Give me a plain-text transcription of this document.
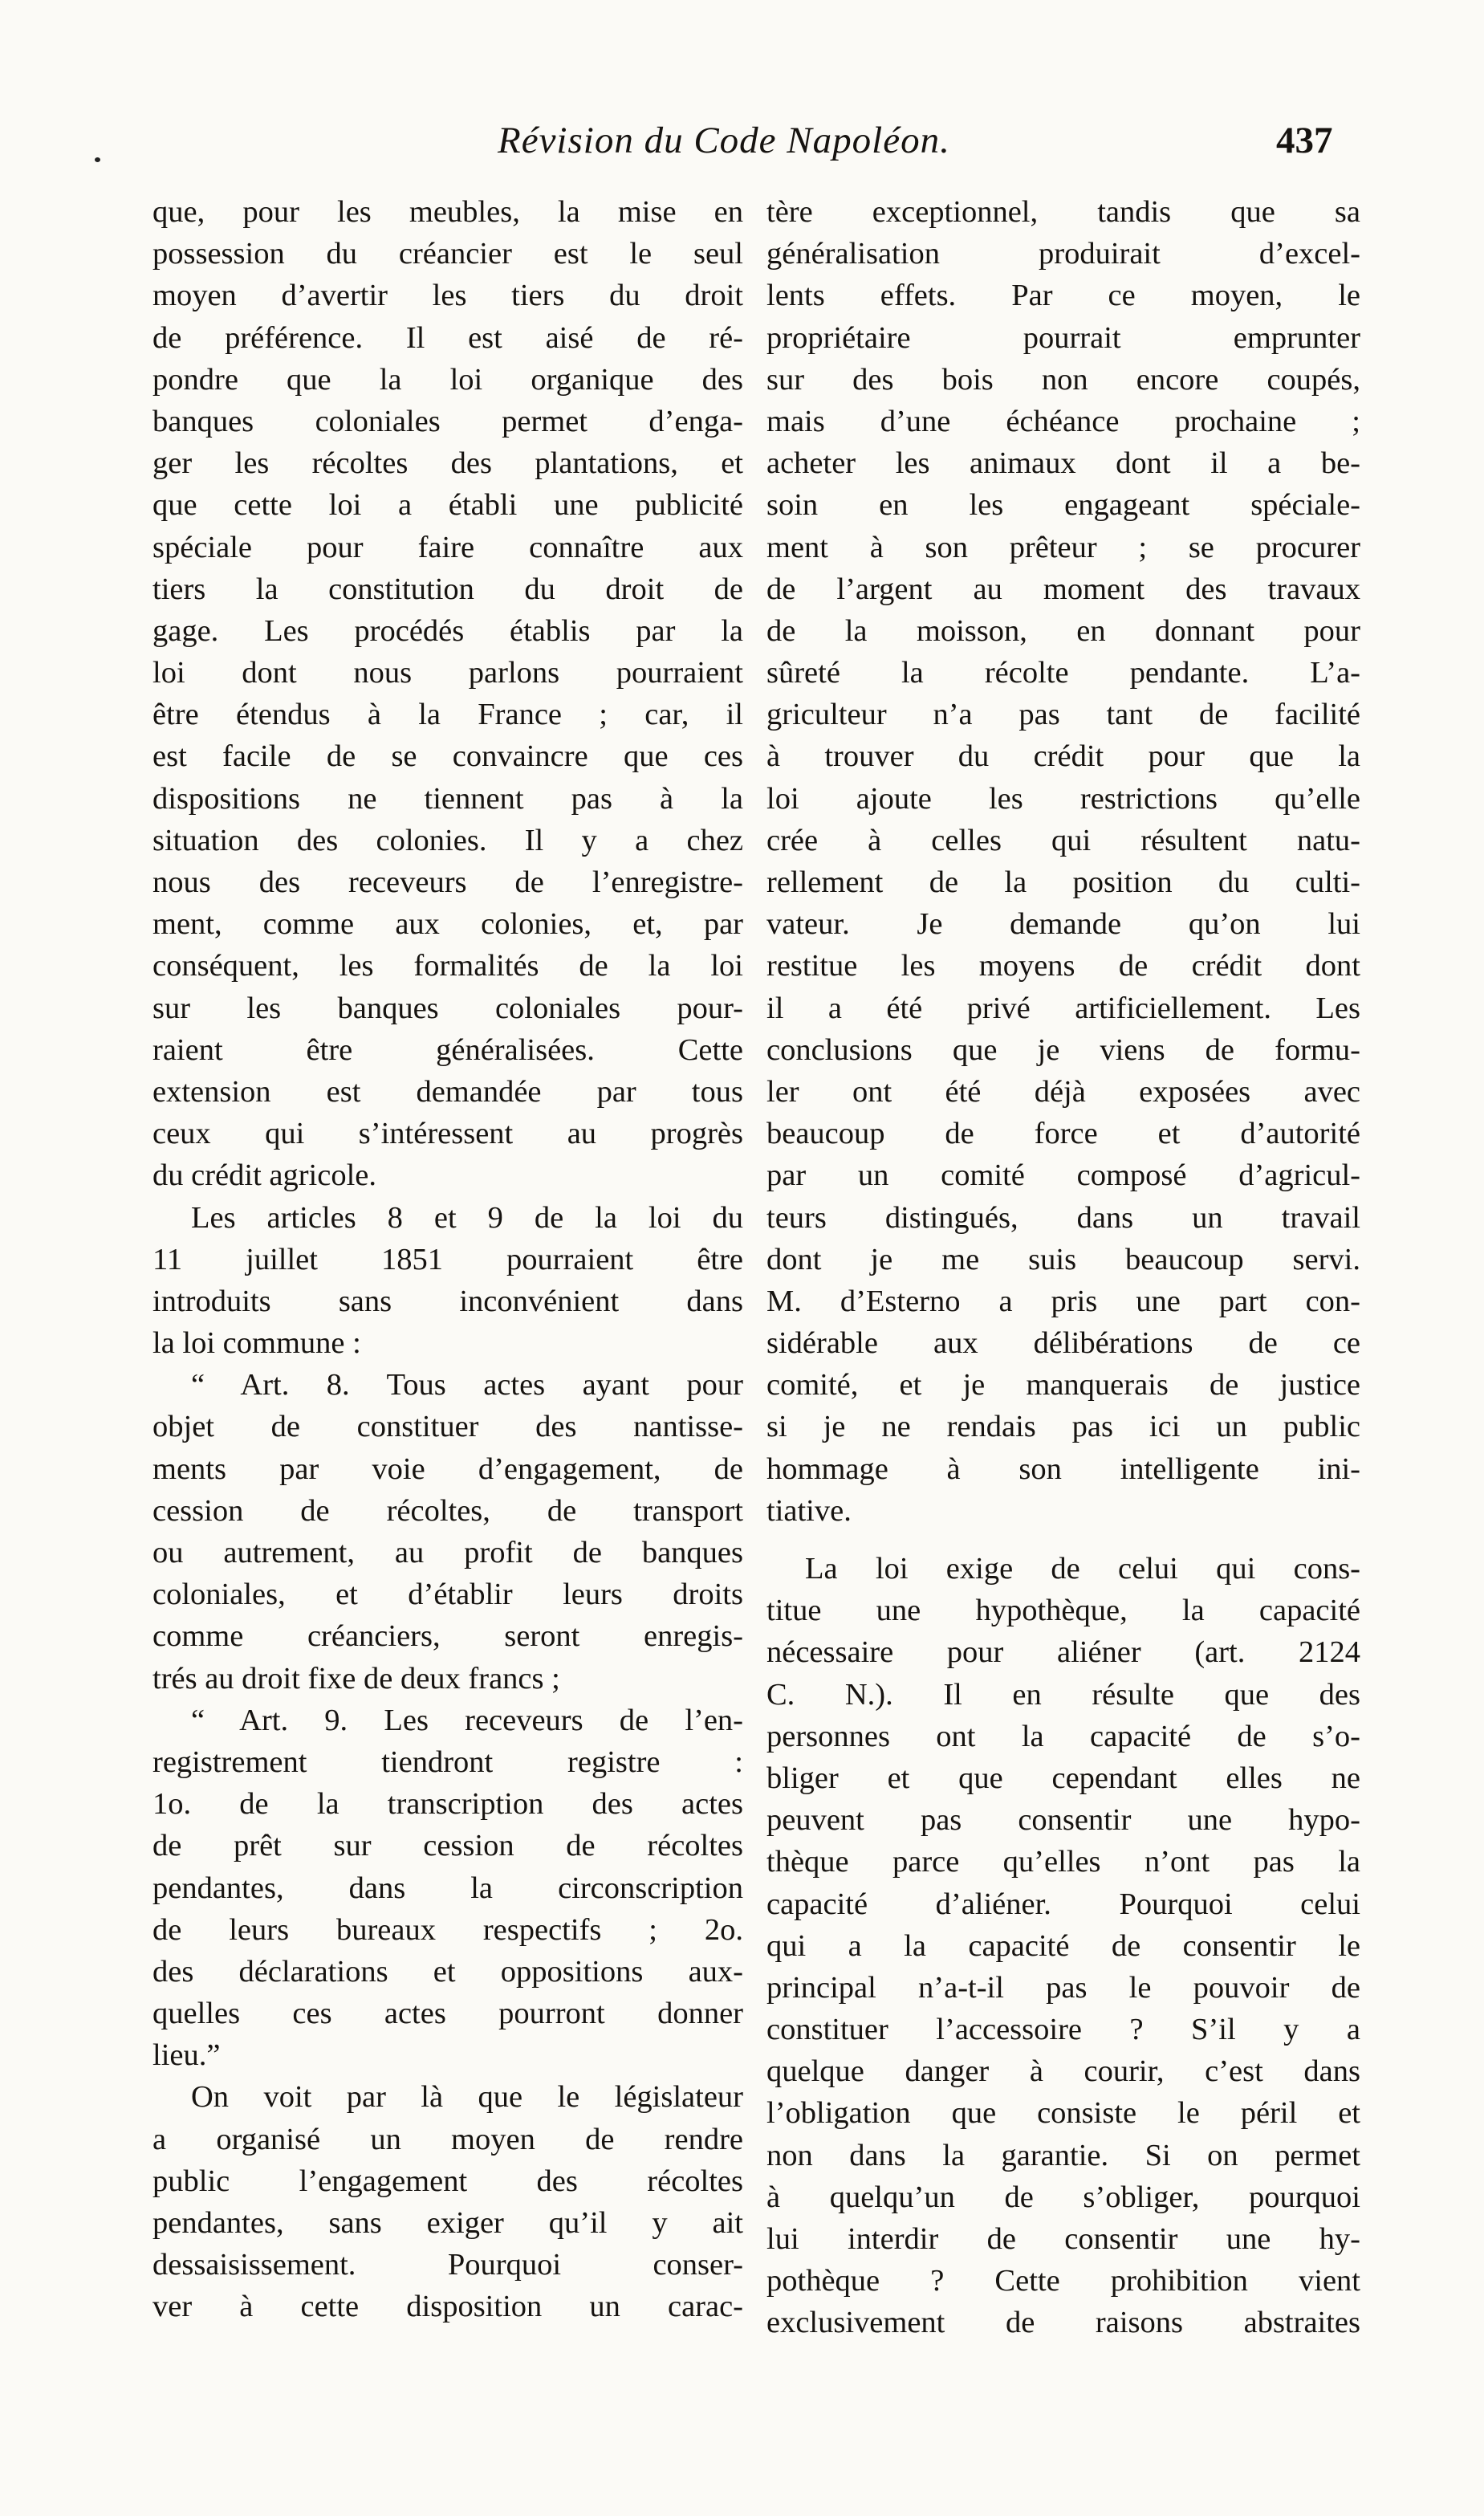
Révision du Code Napoléon.	437
que, pour les meubles, la mise en
possession du créancier est le seul
moyen d’avertir les tiers du droit
de préférence. Il est aisé de ré-
pondre que la loi organique des
banques coloniales permet d’enga-
ger les récoltes des plantations, et
que cette loi a établi une publicité
spéciale pour faire connaître aux
tiers la constitution du droit de
gage. Les procédés établis par la
loi dont nous parlons pourraient
être étendus à la France ; car, il
est facile de se convaincre que ces
dispositions ne tiennent pas à la
situation des colonies. Il y a chez
nous des receveurs de l’enregistre-
ment, comme aux colonies, et, par
conséquent, les formalités de la loi
sur les banques coloniales pour-
raient être généralisées. Cette
extension est demandée par tous
ceux qui s’intéressent au progrès
du crédit agricole.
Les articles 8 et 9 de la loi du
11 juillet 1851 pourraient être
introduits sans inconvénient dans
la loi commune :
“ Art. 8. Tous actes ayant pour
objet de constituer des nantisse-
ments par voie d’engagement, de
cession de récoltes, de transport
ou autrement, au profit de banques
coloniales, et d’établir leurs droits
comme créanciers, seront enregis-
trés au droit fixe de deux francs ;
“ Art. 9. Les receveurs de l’en-
registrement tiendront registre :
1o. de la transcription des actes
de prêt sur cession de récoltes
pendantes, dans la circonscription
de leurs bureaux respectifs ; 2o.
des déclarations et oppositions aux-
quelles ces actes pourront donner
lieu.”
On voit par là que le législateur
a organisé un moyen de rendre
public l’engagement des récoltes
pendantes, sans exiger qu’il y ait
dessaisissement. Pourquoi conser-
ver à cette disposition un carac-
tère exceptionnel, tandis que sa
généralisation produirait d’excel-
lents effets. Par ce moyen, le
propriétaire pourrait emprunter
sur des bois non encore coupés,
mais d’une échéance prochaine ;
acheter les animaux dont il a be-
soin en les engageant spéciale-
ment à son prêteur ; se procurer
de l’argent au moment des travaux
de la moisson, en donnant pour
sûreté la récolte pendante. L’a-
griculteur n’a pas tant de facilité
à trouver du crédit pour que la
loi ajoute les restrictions qu’elle
crée à celles qui résultent natu-
rellement de la position du culti-
vateur. Je demande qu’on lui
restitue les moyens de crédit dont
il a été privé artificiellement. Les
conclusions que je viens de formu-
ler ont été déjà exposées avec
beaucoup de force et d’autorité
par un comité composé d’agricul-
teurs distingués, dans un travail
dont je me suis beaucoup servi.
M. d’Esterno a pris une part con-
sidérable aux délibérations de ce
comité, et je manquerais de justice
si je ne rendais pas ici un public
hommage à son intelligente ini-
tiative.
La loi exige de celui qui cons-
titue une hypothèque, la capacité
nécessaire pour aliéner (art. 2124
C. N.). Il en résulte que des
personnes ont la capacité de s’o-
bliger et que cependant elles ne
peuvent pas consentir une hypo-
thèque parce qu’elles n’ont pas la
capacité d’aliéner. Pourquoi celui
qui a la capacité de consentir le
principal n’a-t-il pas le pouvoir de
constituer l’accessoire ? S’il y a
quelque danger à courir, c’est dans
l’obligation que consiste le péril et
non dans la garantie. Si on permet
à quelqu’un de s’obliger, pourquoi
lui interdir de consentir une hy-
pothèque ? Cette prohibition vient
exclusivement de raisons abstraites
